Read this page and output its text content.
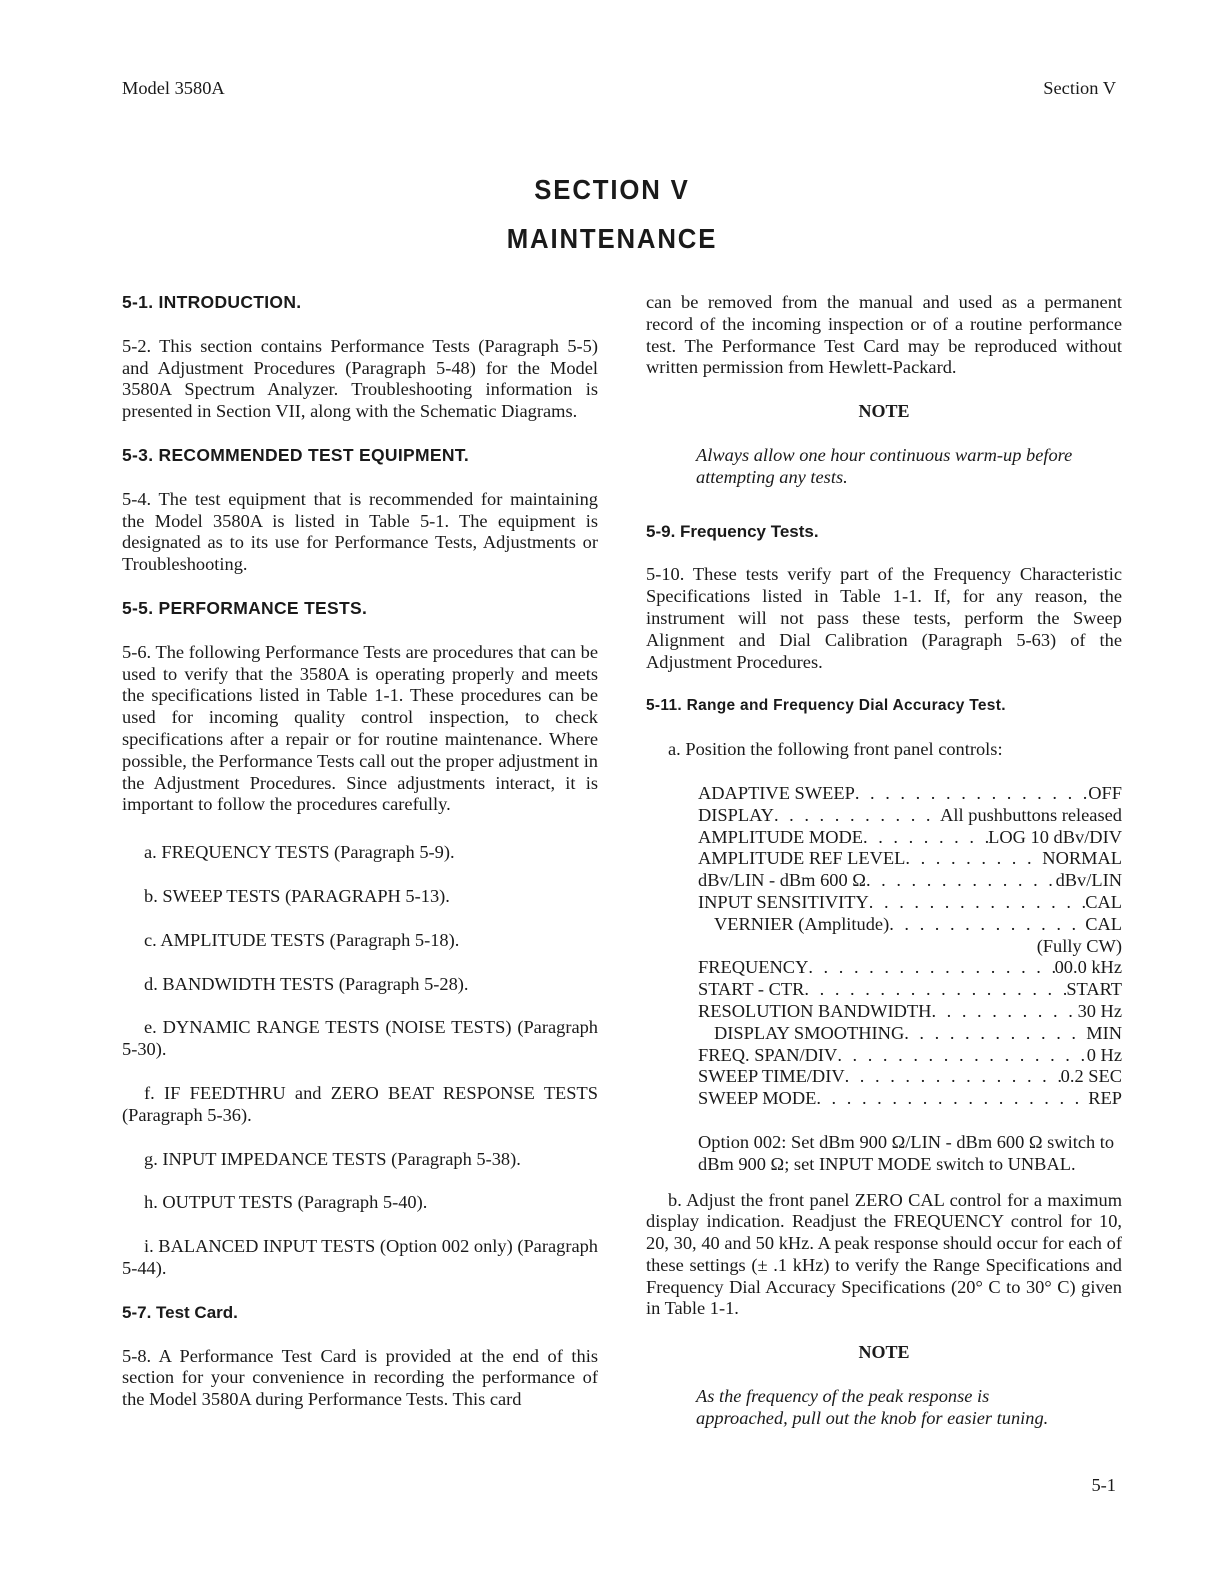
Model 3580A	Section V
SECTION V
MAINTENANCE
5-1. INTRODUCTION.

5-2. This section contains Performance Tests (Paragraph 5-5) and Adjustment Procedures (Paragraph 5-48) for the Model 3580A Spectrum Analyzer. Troubleshooting information is presented in Section VII, along with the Schematic Diagrams.

5-3. RECOMMENDED TEST EQUIPMENT.

5-4. The test equipment that is recommended for maintaining the Model 3580A is listed in Table 5-1. The equipment is designated as to its use for Performance Tests, Adjustments or Troubleshooting.

5-5. PERFORMANCE TESTS.

5-6. The following Performance Tests are procedures that can be used to verify that the 3580A is operating properly and meets the specifications listed in Table 1-1. These procedures can be used for incoming quality control inspection, to check specifications after a repair or for routine maintenance. Where possible, the Performance Tests call out the proper adjustment in the Adjustment Procedures. Since adjustments interact, it is important to follow the procedures carefully.

a. FREQUENCY TESTS (Paragraph 5-9).
b. SWEEP TESTS (PARAGRAPH 5-13).
c. AMPLITUDE TESTS (Paragraph 5-18).
d. BANDWIDTH TESTS (Paragraph 5-28).
e. DYNAMIC RANGE TESTS (NOISE TESTS) (Paragraph 5-30).
f. IF FEEDTHRU and ZERO BEAT RESPONSE TESTS (Paragraph 5-36).
g. INPUT IMPEDANCE TESTS (Paragraph 5-38).
h. OUTPUT TESTS (Paragraph 5-40).
i. BALANCED INPUT TESTS (Option 002 only) (Paragraph 5-44).
5-7. Test Card.

5-8. A Performance Test Card is provided at the end of this section for your convenience in recording the performance of the Model 3580A during Performance Tests. This card

can be removed from the manual and used as a permanent record of the incoming inspection or of a routine performance test. The Performance Test Card may be reproduced without written permission from Hewlett-Packard.

NOTE
Always allow one hour continuous warm-up before attempting any tests.
5-9. Frequency Tests.

5-10. These tests verify part of the Frequency Characteristic Specifications listed in Table 1-1. If, for any reason, the instrument will not pass these tests, perform the Sweep Alignment and Dial Calibration (Paragraph 5-63) of the Adjustment Procedures.

5-11. Range and Frequency Dial Accuracy Test.
a. Position the following front panel controls:
ADAPTIVE SWEEP . . .	OFF
DISPLAY . . .	All pushbuttons released
AMPLITUDE MODE . . .	LOG 10 dBv/DIV
AMPLITUDE REF LEVEL . . .	NORMAL
dBv/LIN - dBm 600 Ω . . .	dBv/LIN
INPUT SENSITIVITY . . .	CAL
VERNIER (Amplitude) . . .	CAL
(Fully CW)
FREQUENCY . . .	00.0 kHz
START - CTR . . .	START
RESOLUTION BANDWIDTH . . .	30 Hz
DISPLAY SMOOTHING . . .	MIN
FREQ. SPAN/DIV . . .	0 Hz
SWEEP TIME/DIV . . .	0.2 SEC
SWEEP MODE . . .	REP

Option 002: Set dBm 900 Ω/LIN - dBm 600 Ω switch to dBm 900 Ω; set INPUT MODE switch to UNBAL.

b. Adjust the front panel ZERO CAL control for a maximum display indication. Readjust the FREQUENCY control for 10, 20, 30, 40 and 50 kHz. A peak response should occur for each of these settings (± .1 kHz) to verify the Range Specifications and Frequency Dial Accuracy Specifications (20° C to 30° C) given in Table 1-1.

NOTE
As the frequency of the peak response is approached, pull out the knob for easier tuning.
5-1
